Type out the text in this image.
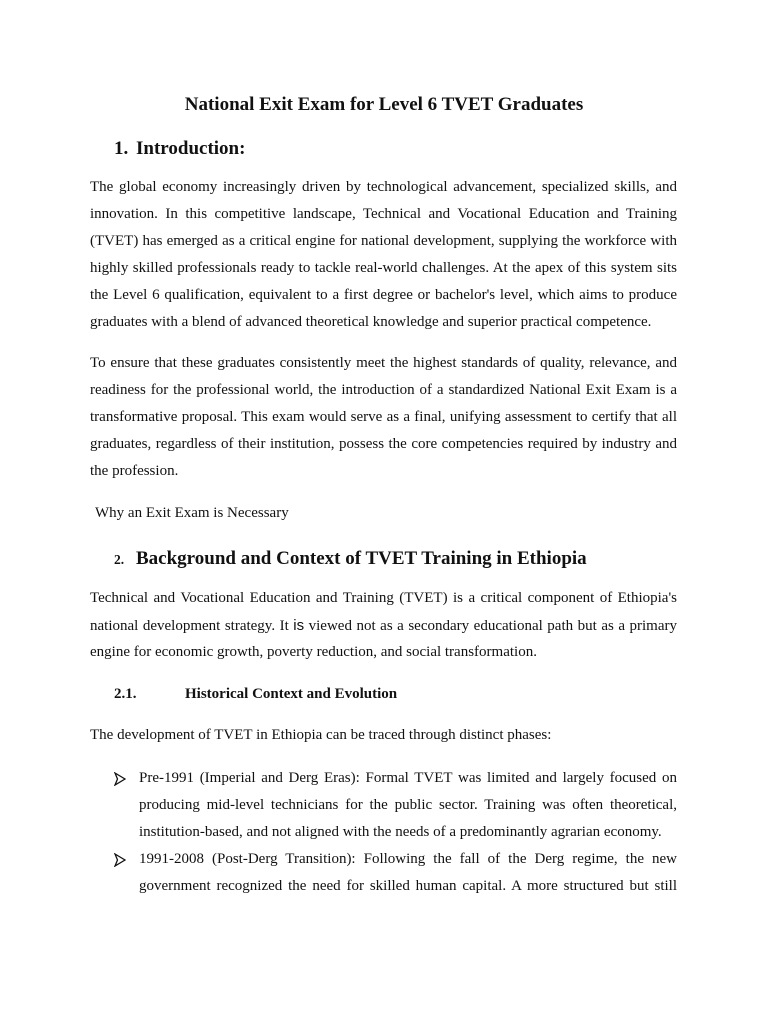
National Exit Exam for Level 6 TVET Graduates
1. Introduction:

The global economy increasingly driven by technological advancement, specialized skills, and
innovation. In this competitive landscape, Technical and Vocational Education and Training
(TVET) has emerged as a critical engine for national development, supplying the workforce with
highly skilled professionals ready to tackle real-world challenges. At the apex of this system sits
the Level 6 qualification, equivalent to a first degree or bachelor's level, which aims to produce
graduates with a blend of advanced theoretical knowledge and superior practical competence.

To ensure that these graduates consistently meet the highest standards of quality, relevance, and
readiness for the professional world, the introduction of a standardized National Exit Exam is a
transformative proposal. This exam would serve as a final, unifying assessment to certify that all
graduates, regardless of their institution, possess the core competencies required by industry and
the profession.

Why an Exit Exam is Necessary

2. Background and Context of TVET Training in Ethiopia

Technical and Vocational Education and Training (TVET) is a critical component of Ethiopia's
national development strategy. It is viewed not as a secondary educational path but as a primary
engine for economic growth, poverty reduction, and social transformation.

2.1.	Historical Context and Evolution

The development of TVET in Ethiopia can be traced through distinct phases:

Pre-1991 (Imperial and Derg Eras): Formal TVET was limited and largely focused on
producing mid-level technicians for the public sector. Training was often theoretical,
institution-based, and not aligned with the needs of a predominantly agrarian economy.
1991-2008 (Post-Derg Transition): Following the fall of the Derg regime, the new
government recognized the need for skilled human capital. A more structured but still
